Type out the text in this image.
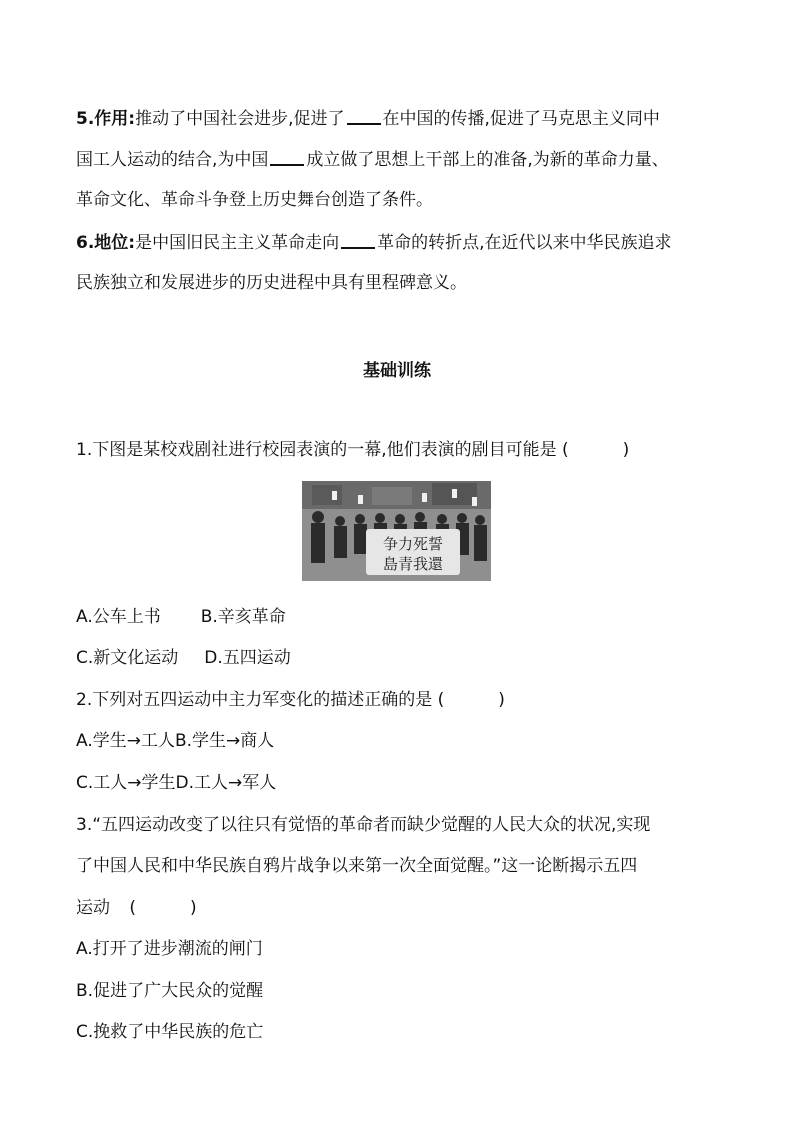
5.作用:推动了中国社会进步,促进了 在中国的传播,促进了马克思主义同中
国工人运动的结合,为中国 成立做了思想上干部上的准备,为新的革命力量、
革命文化、革命斗争登上历史舞台创造了条件。
6.地位:是中国旧民主主义革命走向 革命的转折点,在近代以来中华民族追求
民族独立和发展进步的历史进程中具有里程碑意义。
基础训练
1.下图是某校戏剧社进行校园表演的一幕,他们表演的剧目可能是 (	)
争力死誓
島青我還
A.公车上书 B.辛亥革命
C.新文化运动 D.五四运动
2.下列对五四运动中主力军变化的描述正确的是 (	)
A.学生→工人B.学生→商人
C.工人→学生D.工人→军人
3.“五四运动改变了以往只有觉悟的革命者而缺少觉醒的人民大众的状况,实现
了中国人民和中华民族自鸦片战争以来第一次全面觉醒。”这一论断揭示五四
运动 (	)
A.打开了进步潮流的闸门
B.促进了广大民众的觉醒
C.挽救了中华民族的危亡
